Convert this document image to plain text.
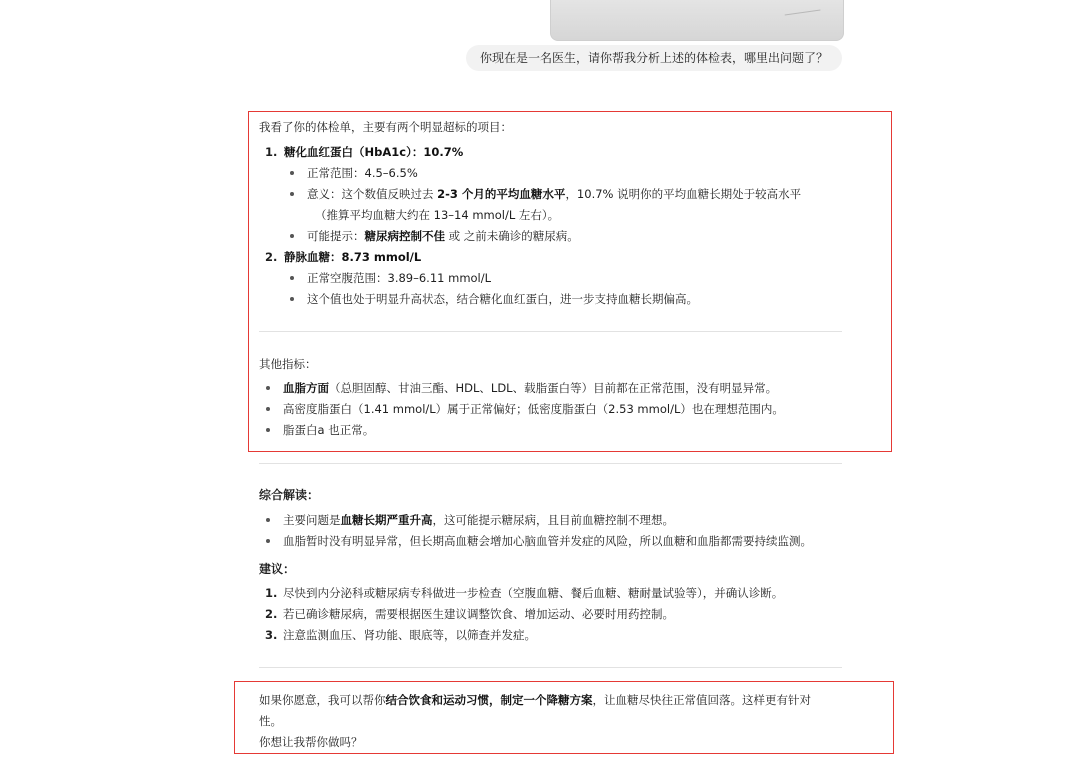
你现在是一名医生，请你帮我分析上述的体检表，哪里出问题了？
我看了你的体检单，主要有两个明显超标的项目：
1. 糖化血红蛋白（HbA1c）：10.7%
正常范围：4.5–6.5%
意义：这个数值反映过去 2-3 个月的平均血糖水平，10.7% 说明你的平均血糖长期处于较高水平
（推算平均血糖大约在 13–14 mmol/L 左右）。
可能提示：糖尿病控制不佳 或 之前未确诊的糖尿病。
2. 静脉血糖：8.73 mmol/L
正常空腹范围：3.89–6.11 mmol/L
这个值也处于明显升高状态，结合糖化血红蛋白，进一步支持血糖长期偏高。
其他指标：
血脂方面（总胆固醇、甘油三酯、HDL、LDL、载脂蛋白等）目前都在正常范围，没有明显异常。
高密度脂蛋白（1.41 mmol/L）属于正常偏好；低密度脂蛋白（2.53 mmol/L）也在理想范围内。
脂蛋白a 也正常。
综合解读：
主要问题是血糖长期严重升高，这可能提示糖尿病，且目前血糖控制不理想。
血脂暂时没有明显异常，但长期高血糖会增加心脑血管并发症的风险，所以血糖和血脂都需要持续监测。
建议：
1. 尽快到内分泌科或糖尿病专科做进一步检查（空腹血糖、餐后血糖、糖耐量试验等），并确认诊断。
2. 若已确诊糖尿病，需要根据医生建议调整饮食、增加运动、必要时用药控制。
3. 注意监测血压、肾功能、眼底等，以筛查并发症。
如果你愿意，我可以帮你结合饮食和运动习惯，制定一个降糖方案，让血糖尽快往正常值回落。这样更有针对
性。
你想让我帮你做吗？
